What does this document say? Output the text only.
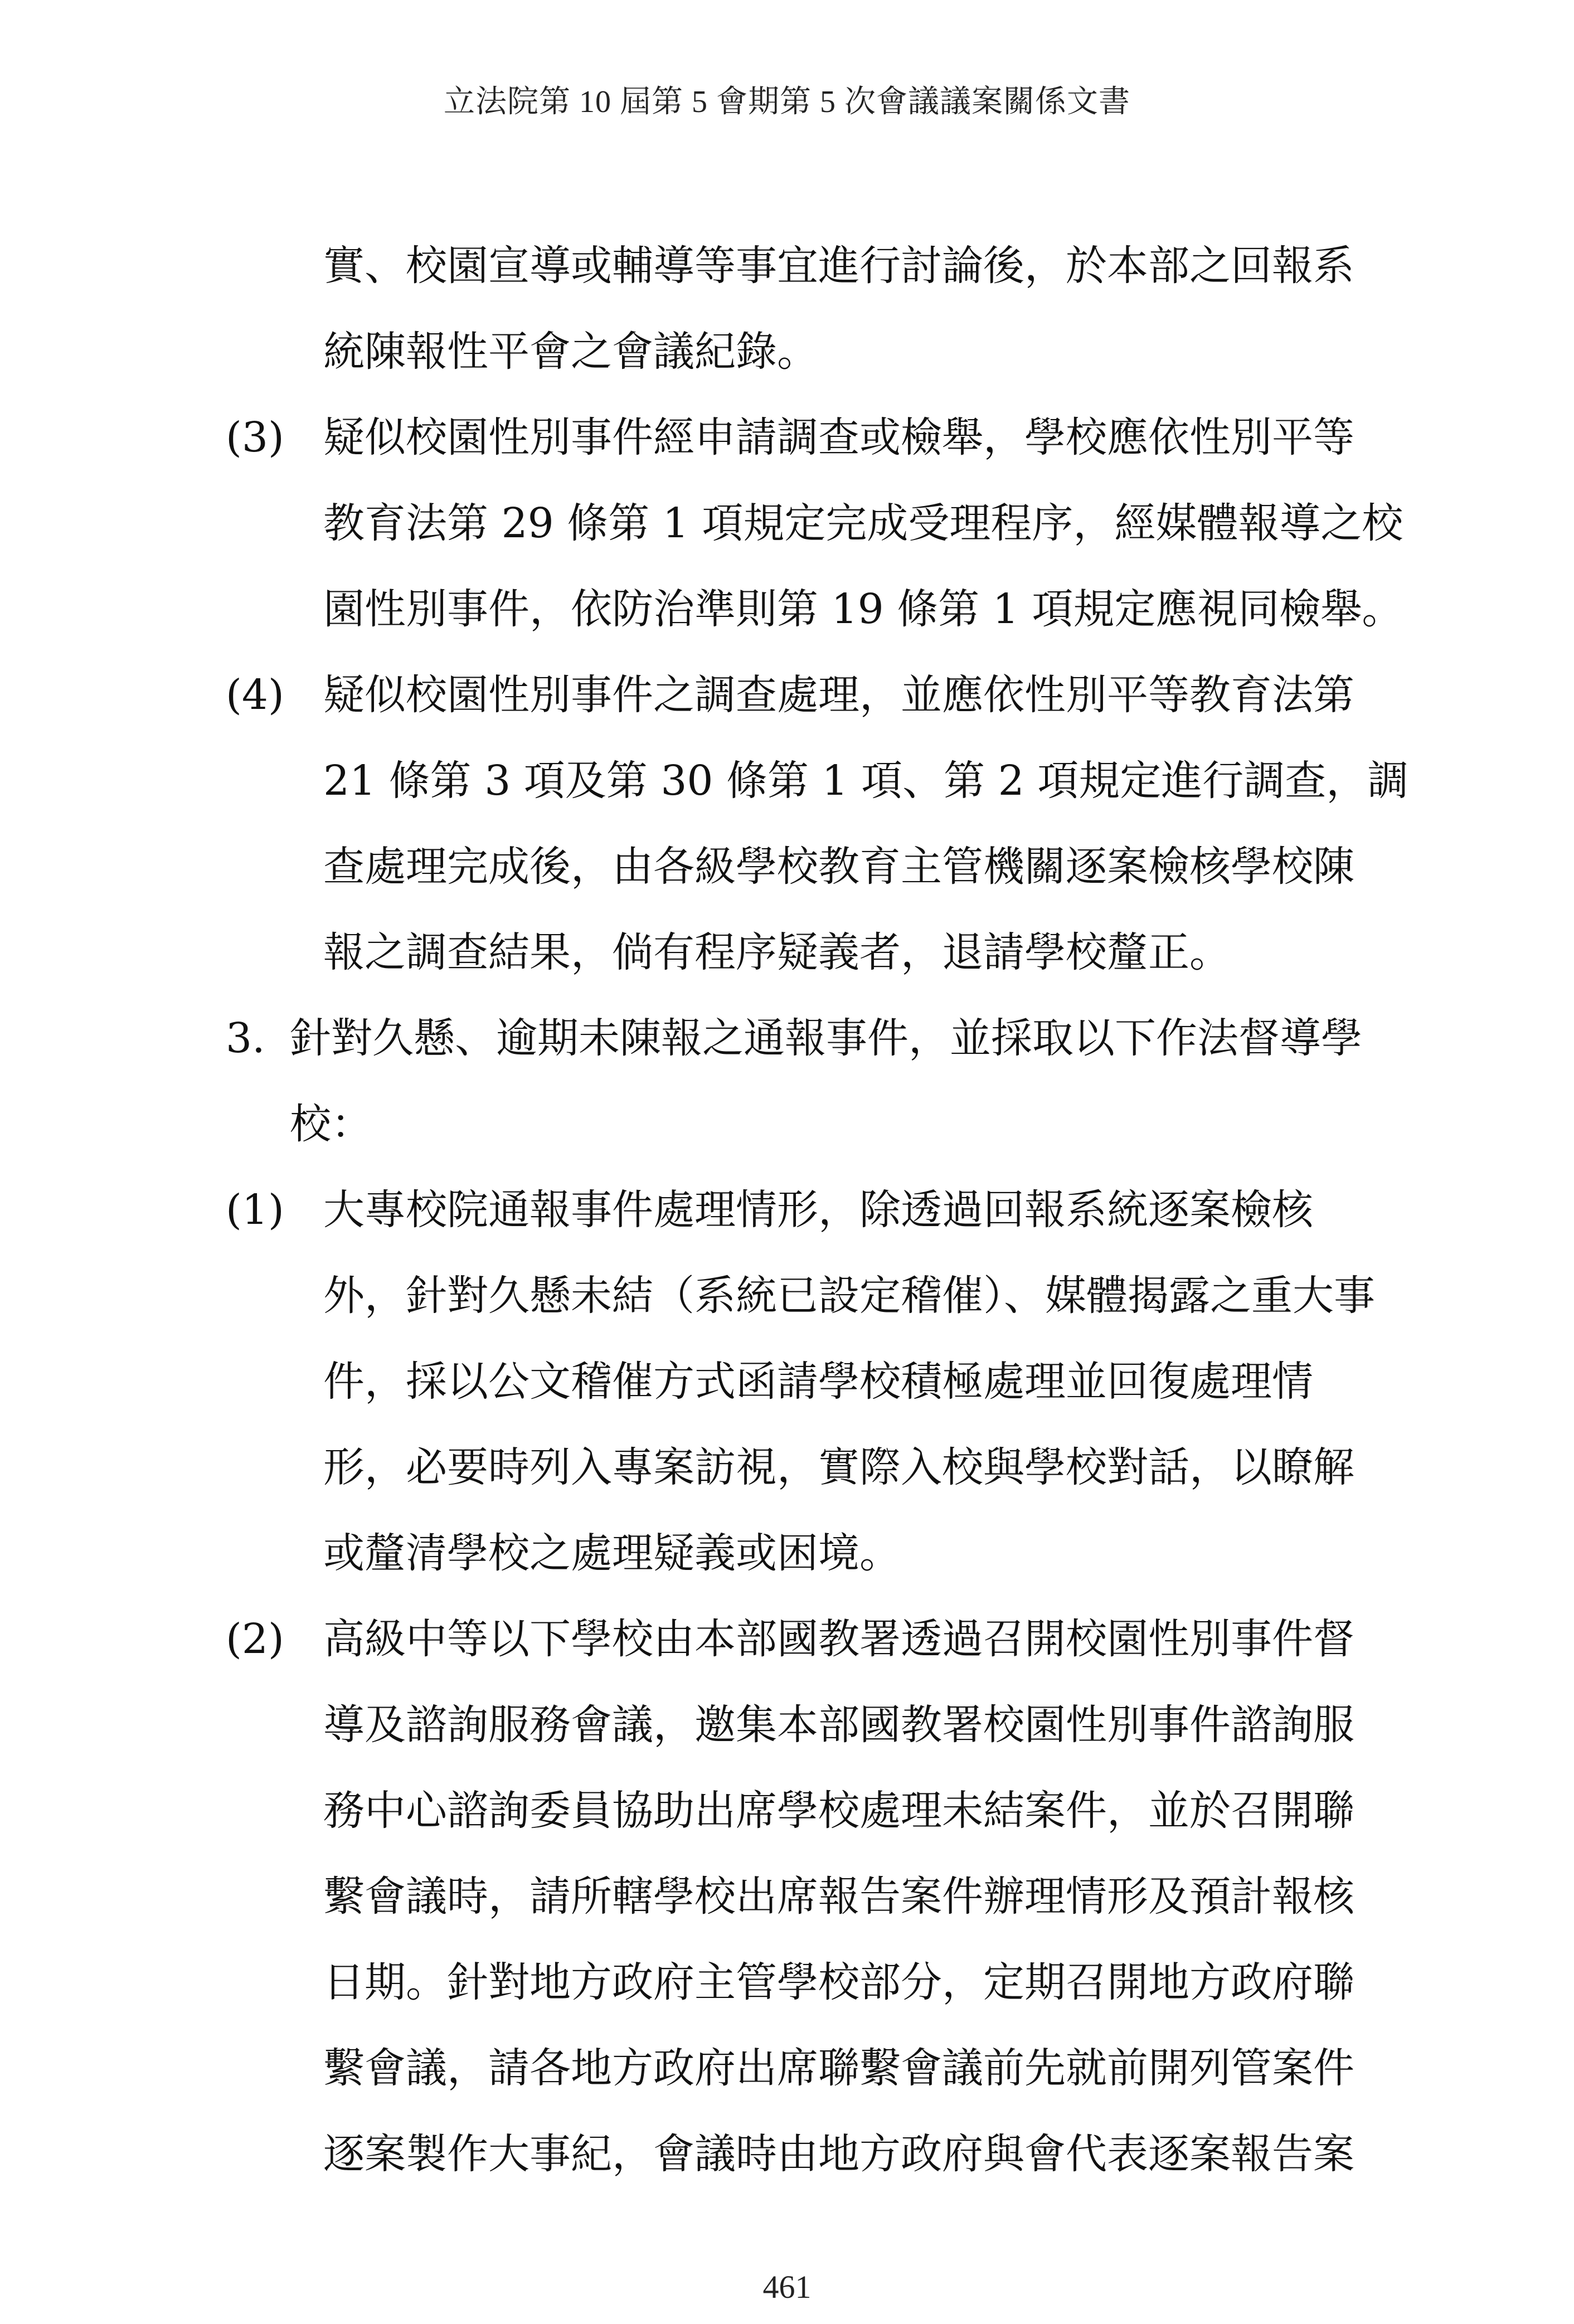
立法院第 10 屆第 5 會期第 5 次會議議案關係文書
實、校園宣導或輔導等事宜進行討論後，於本部之回報系
統陳報性平會之會議紀錄。
(3) 疑似校園性別事件經申請調查或檢舉，學校應依性別平等
教育法第 29 條第 1 項規定完成受理程序，經媒體報導之校
園性別事件，依防治準則第 19 條第 1 項規定應視同檢舉。
(4) 疑似校園性別事件之調查處理，並應依性別平等教育法第
21 條第 3 項及第 30 條第 1 項、第 2 項規定進行調查，調
查處理完成後，由各級學校教育主管機關逐案檢核學校陳
報之調查結果，倘有程序疑義者，退請學校釐正。
3. 針對久懸、逾期未陳報之通報事件，並採取以下作法督導學
校：
(1) 大專校院通報事件處理情形，除透過回報系統逐案檢核
外，針對久懸未結（系統已設定稽催）、媒體揭露之重大事
件，採以公文稽催方式函請學校積極處理並回復處理情
形，必要時列入專案訪視，實際入校與學校對話，以瞭解
或釐清學校之處理疑義或困境。
(2) 高級中等以下學校由本部國教署透過召開校園性別事件督
導及諮詢服務會議，邀集本部國教署校園性別事件諮詢服
務中心諮詢委員協助出席學校處理未結案件，並於召開聯
繫會議時，請所轄學校出席報告案件辦理情形及預計報核
日期。針對地方政府主管學校部分，定期召開地方政府聯
繫會議，請各地方政府出席聯繫會議前先就前開列管案件
逐案製作大事紀，會議時由地方政府與會代表逐案報告案
461
